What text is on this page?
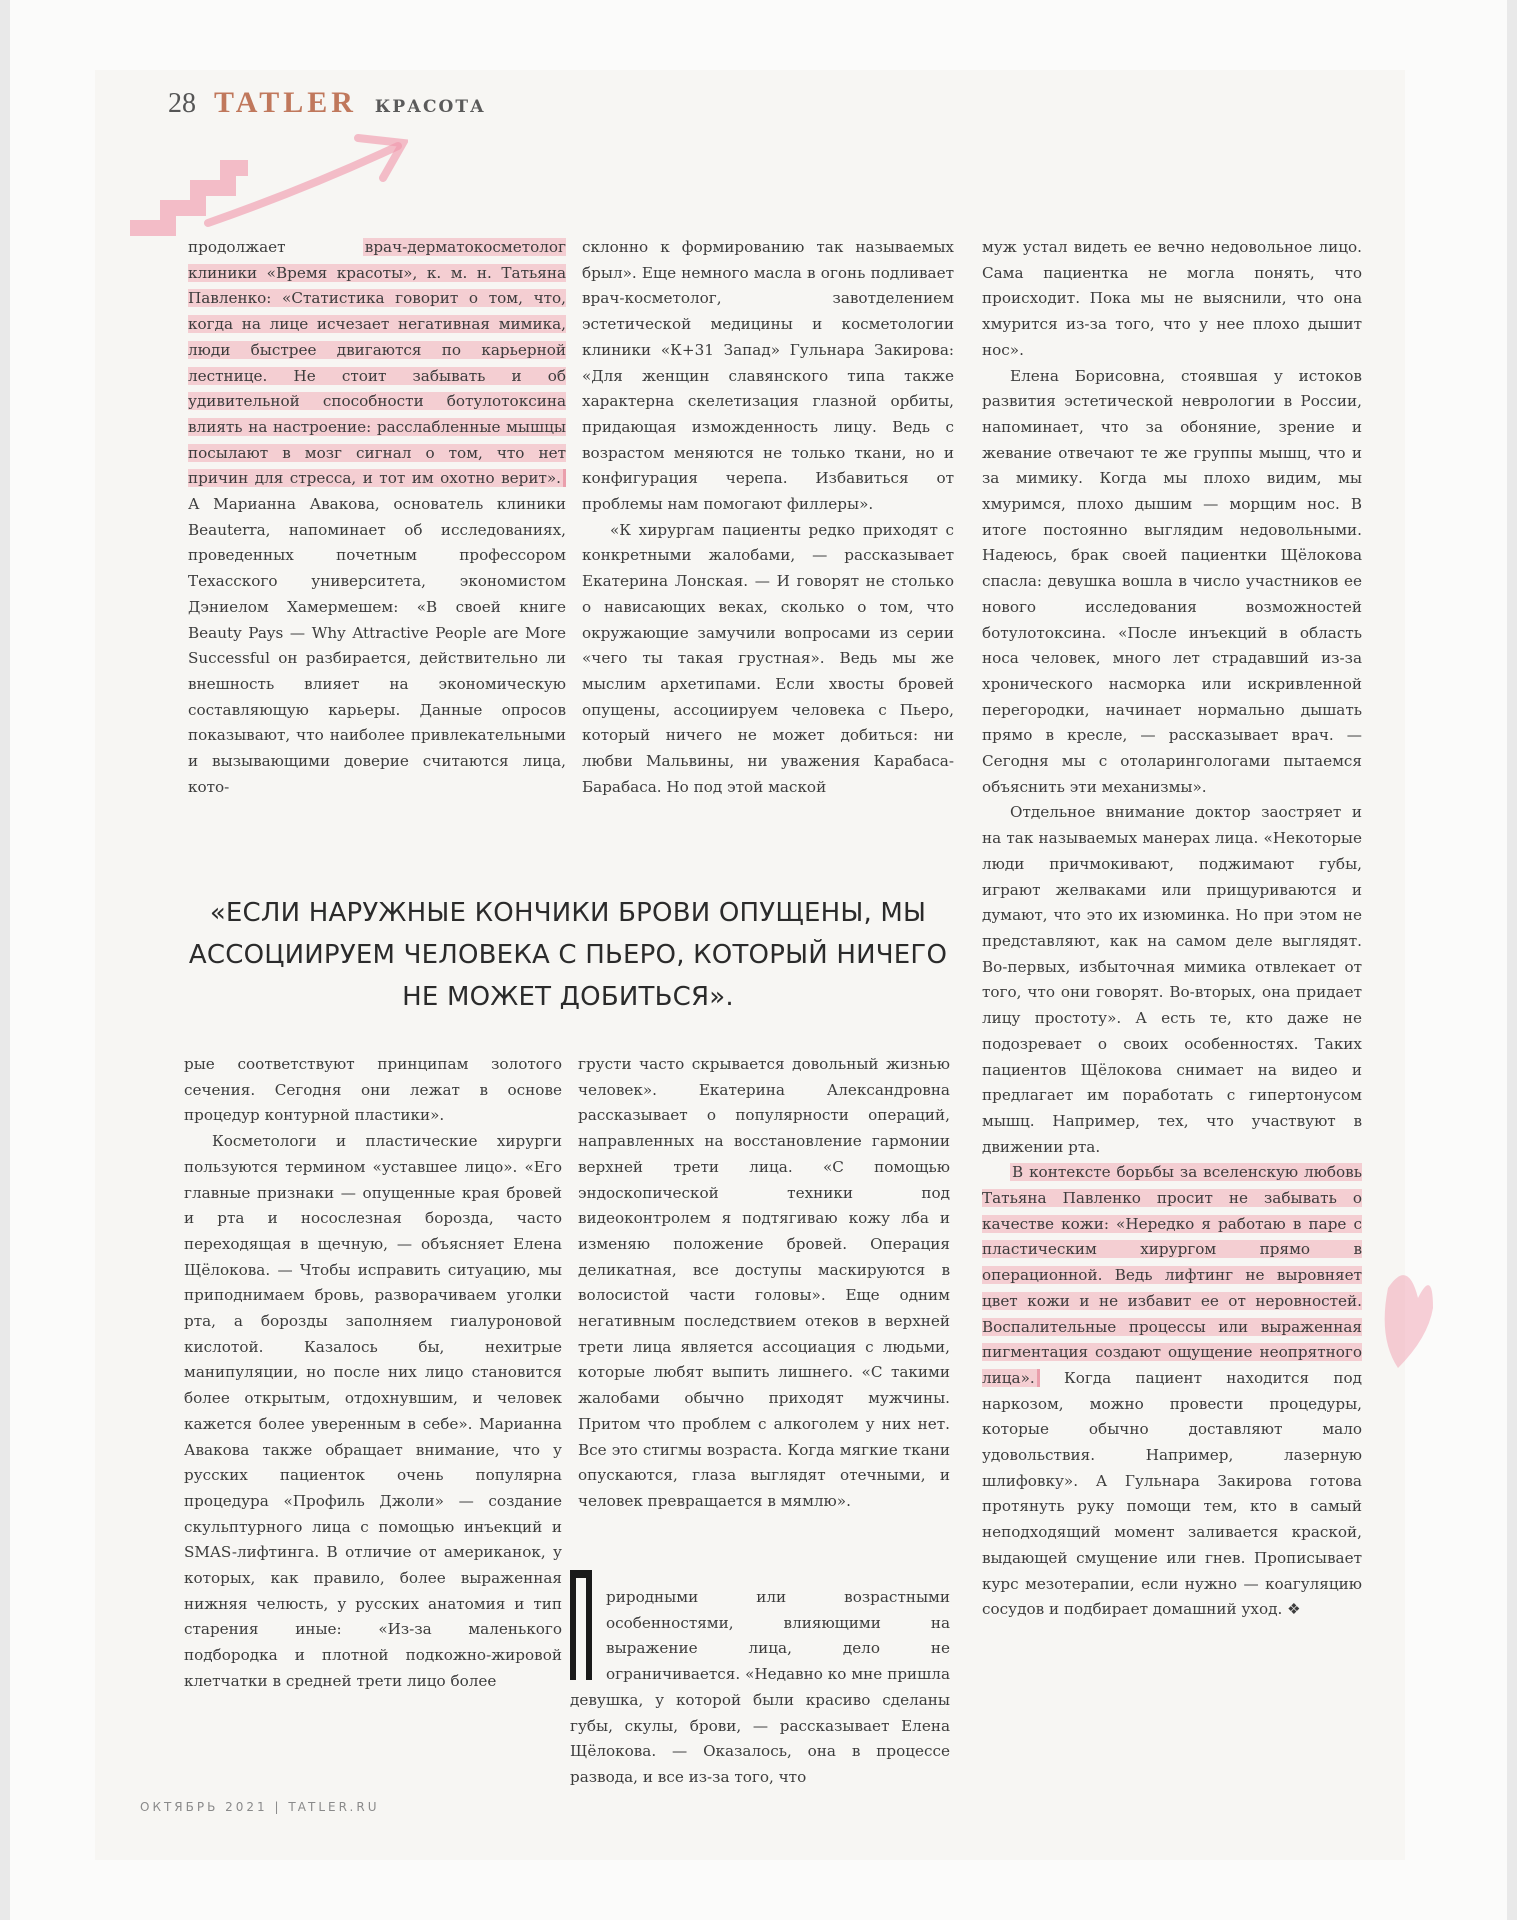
28 TATLER КРАСОТА

продолжает врач-дерматокосметолог клиники «Время красоты», к. м. н. Татьяна Павленко: «Статистика говорит о том, что, когда на лице исчезает негативная мимика, люди быстрее двигаются по карьерной лестнице. Не стоит забывать и об удивительной способности ботулотоксина влиять на настроение: расслабленные мышцы посылают в мозг сигнал о том, что нет причин для стресса, и тот им охотно верит». А Марианна Авакова, основатель клиники Beauterra, напоминает об исследованиях, проведенных почетным профессором Техасского университета, экономистом Дэниелом Хамермешем: «В своей книге Beauty Pays — Why Attractive People are More Successful он разбирается, действительно ли внешность влияет на экономическую составляющую карьеры. Данные опросов показывают, что наиболее привлекательными и вызывающими доверие считаются лица, кото-

склонно к формированию так называемых брыл». Еще немного масла в огонь подливает врач-косметолог, завотделением эстетической медицины и косметологии клиники «К+31 Запад» Гульнара Закирова: «Для женщин славянского типа также характерна скелетизация глазной орбиты, придающая изможденность лицу. Ведь с возрастом меняются не только ткани, но и конфигурация черепа. Избавиться от проблемы нам помогают филлеры».

«К хирургам пациенты редко приходят с конкретными жалобами, — рассказывает Екатерина Лонская. — И говорят не столько о нависающих веках, сколько о том, что окружающие замучили вопросами из серии «чего ты такая грустная». Ведь мы же мыслим архетипами. Если хвосты бровей опущены, ассоциируем человека с Пьеро, который ничего не может добиться: ни любви Мальвины, ни уважения Карабаса-Барабаса. Но под этой маской

муж устал видеть ее вечно недовольное лицо. Сама пациентка не могла понять, что происходит. Пока мы не выяснили, что она хмурится из-за того, что у нее плохо дышит нос».

Елена Борисовна, стоявшая у истоков развития эстетической неврологии в России, напоминает, что за обоняние, зрение и жевание отвечают те же группы мышц, что и за мимику. Когда мы плохо видим, мы хмуримся, плохо дышим — морщим нос. В итоге постоянно выглядим недовольными. Надеюсь, брак своей пациентки Щёлокова спасла: девушка вошла в число участников ее нового исследования возможностей ботулотоксина. «После инъекций в область носа человек, много лет страдавший из-за хронического насморка или искривленной перегородки, начинает нормально дышать прямо в кресле, — рассказывает врач. — Сегодня мы с отоларингологами пытаемся объяснить эти механизмы».

Отдельное внимание доктор заостряет и на так называемых манерах лица. «Некоторые люди причмокивают, поджимают губы, играют желваками или прищуриваются и думают, что это их изюминка. Но при этом не представляют, как на самом деле выглядят. Во-первых, избыточная мимика отвлекает от того, что они говорят. Во-вторых, она придает лицу простоту». А есть те, кто даже не подозревает о своих особенностях. Таких пациентов Щёлокова снимает на видео и предлагает им поработать с гипертонусом мышц. Например, тех, что участвуют в движении рта.

В контексте борьбы за вселенскую любовь Татьяна Павленко просит не забывать о качестве кожи: «Нередко я работаю в паре с пластическим хирургом прямо в операционной. Ведь лифтинг не выровняет цвет кожи и не избавит ее от неровностей. Воспалительные процессы или выраженная пигментация создают ощущение неопрятного лица». Когда пациент находится под наркозом, можно провести процедуры, которые обычно доставляют мало удовольствия. Например, лазерную шлифовку». А Гульнара Закирова готова протянуть руку помощи тем, кто в самый неподходящий момент заливается краской, выдающей смущение или гнев. Прописывает курс мезотерапии, если нужно — коагуляцию сосудов и подбирает домашний уход. ❖

«ЕСЛИ НАРУЖНЫЕ КОНЧИКИ БРОВИ ОПУЩЕНЫ, МЫ АССОЦИИРУЕМ ЧЕЛОВЕКА С ПЬЕРО, КОТОРЫЙ НИЧЕГО НЕ МОЖЕТ ДОБИТЬСЯ».

рые соответствуют принципам золотого сечения. Сегодня они лежат в основе процедур контурной пластики».

Косметологи и пластические хирурги пользуются термином «уставшее лицо». «Его главные признаки — опущенные края бровей и рта и носослезная борозда, часто переходящая в щечную, — объясняет Елена Щёлокова. — Чтобы исправить ситуацию, мы приподнимаем бровь, разворачиваем уголки рта, а борозды заполняем гиалуроновой кислотой. Казалось бы, нехитрые манипуляции, но после них лицо становится более открытым, отдохнувшим, и человек кажется более уверенным в себе». Марианна Авакова также обращает внимание, что у русских пациенток очень популярна процедура «Профиль Джоли» — создание скульптурного лица с помощью инъекций и SMAS-лифтинга. В отличие от американок, у которых, как правило, более выраженная нижняя челюсть, у русских анатомия и тип старения иные: «Из-за маленького подбородка и плотной подкожно-жировой клетчатки в средней трети лицо более

грусти часто скрывается довольный жизнью человек». Екатерина Александровна рассказывает о популярности операций, направленных на восстановление гармонии верхней трети лица. «С помощью эндоскопической техники под видеоконтролем я подтягиваю кожу лба и изменяю положение бровей. Операция деликатная, все доступы маскируются в волосистой части головы». Еще одним негативным последствием отеков в верхней трети лица является ассоциация с людьми, которые любят выпить лишнего. «С такими жалобами обычно приходят мужчины. Притом что проблем с алкоголем у них нет. Все это стигмы возраста. Когда мягкие ткани опускаются, глаза выглядят отечными, и человек превращается в мямлю».

риродными или возрастными особенностями, влияющими на выражение лица, дело не ограничивается. «Недавно ко мне пришла девушка, у которой были красиво сделаны губы, скулы, брови, — рассказывает Елена Щёлокова. — Оказалось, она в процессе развода, и все из-за того, что

ОКТЯБРЬ 2021 | TATLER.RU
